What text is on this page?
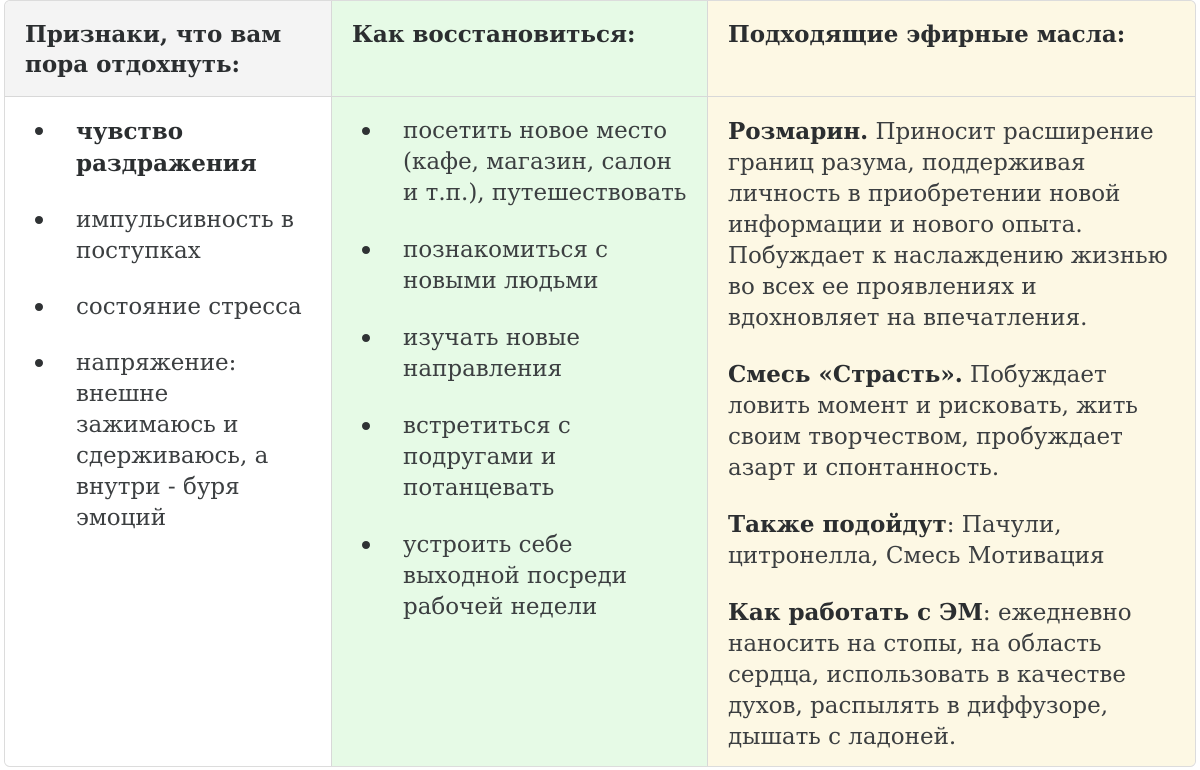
Признаки, что вам пора отдохнуть:
чувство раздражения
импульсивность в поступках
состояние стресса
напряжение: внешне зажимаюсь и сдерживаюсь, а внутри - буря эмоций
Как восстановиться:
посетить новое место (кафе, магазин, салон и т.п.), путешествовать
познакомиться с новыми людьми
изучать новые направления
встретиться с подругами и потанцевать
устроить себе выходной посреди рабочей недели
Подходящие эфирные масла:

Розмарин. Приносит расширение границ разума, поддерживая личность в приобретении новой информации и нового опыта. Побуждает к наслаждению жизнью во всех ее проявлениях и вдохновляет на впечатления.

Смесь «Страсть». Побуждает ловить момент и рисковать, жить своим творчеством, пробуждает азарт и спонтанность.

Также подойдут: Пачули, цитронелла, Смесь Мотивация

Как работать с ЭМ: ежедневно наносить на стопы, на область сердца, использовать в качестве духов, распылять в диффузоре, дышать с ладоней.
